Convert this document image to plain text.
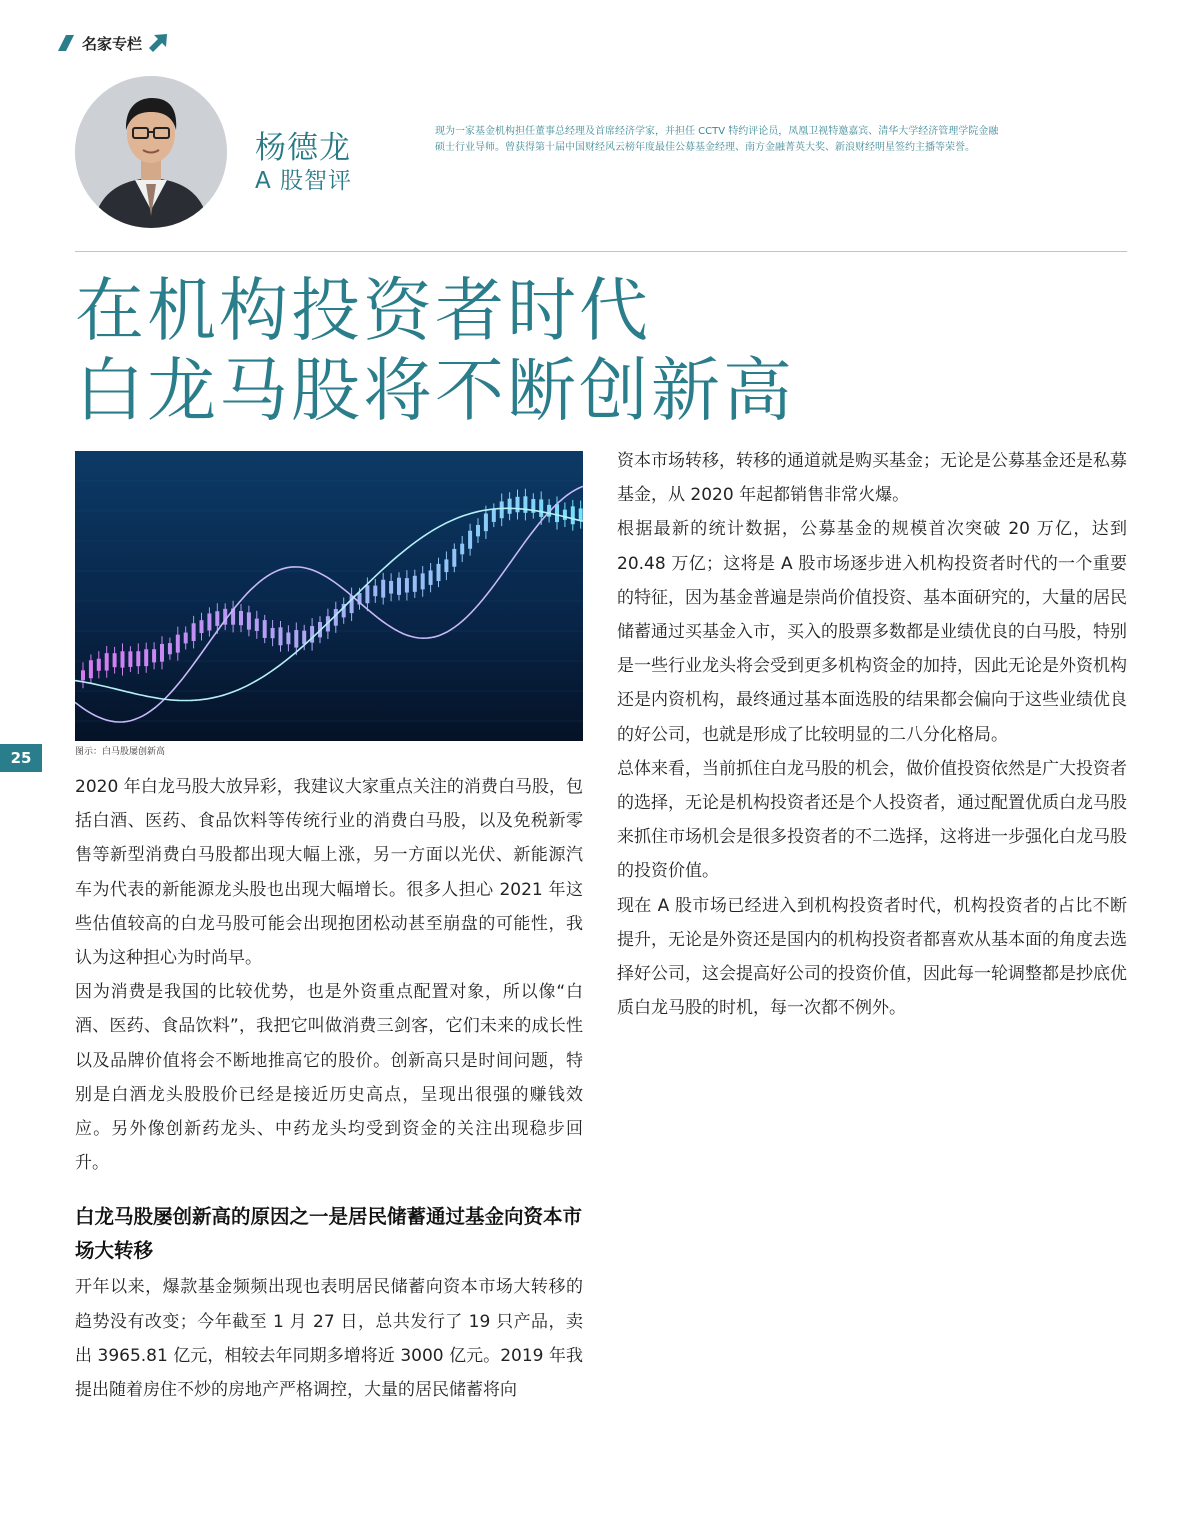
名家专栏
杨德龙
A 股智评
现为一家基金机构担任董事总经理及首席经济学家，并担任 CCTV 特约评论员，凤凰卫视特邀嘉宾、清华大学经济管理学院金融硕士行业导师。曾获得第十届中国财经风云榜年度最佳公募基金经理、南方金融菁英大奖、新浪财经明星签约主播等荣誉。
在机构投资者时代
白龙马股将不断创新高
图示：白马股屡创新高
25

2020 年白龙马股大放异彩，我建议大家重点关注的消费白马股，包括白酒、医药、食品饮料等传统行业的消费白马股，以及免税新零售等新型消费白马股都出现大幅上涨，另一方面以光伏、新能源汽车为代表的新能源龙头股也出现大幅增长。很多人担心 2021 年这些估值较高的白龙马股可能会出现抱团松动甚至崩盘的可能性，我认为这种担心为时尚早。

因为消费是我国的比较优势，也是外资重点配置对象，所以像“白酒、医药、食品饮料”，我把它叫做消费三剑客，它们未来的成长性以及品牌价值将会不断地推高它的股价。创新高只是时间问题，特别是白酒龙头股股价已经是接近历史高点，呈现出很强的赚钱效应。另外像创新药龙头、中药龙头均受到资金的关注出现稳步回升。

白龙马股屡创新高的原因之一是居民储蓄通过基金向资本市场大转移

开年以来，爆款基金频频出现也表明居民储蓄向资本市场大转移的趋势没有改变；今年截至 1 月 27 日，总共发行了 19 只产品，卖出 3965.81 亿元，相较去年同期多增将近 3000 亿元。2019 年我提出随着房住不炒的房地产严格调控，大量的居民储蓄将向

资本市场转移，转移的通道就是购买基金；无论是公募基金还是私募基金，从 2020 年起都销售非常火爆。

根据最新的统计数据，公募基金的规模首次突破 20 万亿，达到 20.48 万亿；这将是 A 股市场逐步进入机构投资者时代的一个重要的特征，因为基金普遍是崇尚价值投资、基本面研究的，大量的居民储蓄通过买基金入市，买入的股票多数都是业绩优良的白马股，特别是一些行业龙头将会受到更多机构资金的加持，因此无论是外资机构还是内资机构，最终通过基本面选股的结果都会偏向于这些业绩优良的好公司，也就是形成了比较明显的二八分化格局。

总体来看，当前抓住白龙马股的机会，做价值投资依然是广大投资者的选择，无论是机构投资者还是个人投资者，通过配置优质白龙马股来抓住市场机会是很多投资者的不二选择，这将进一步强化白龙马股的投资价值。

现在 A 股市场已经进入到机构投资者时代，机构投资者的占比不断提升，无论是外资还是国内的机构投资者都喜欢从基本面的角度去选择好公司，这会提高好公司的投资价值，因此每一轮调整都是抄底优质白龙马股的时机，每一次都不例外。
